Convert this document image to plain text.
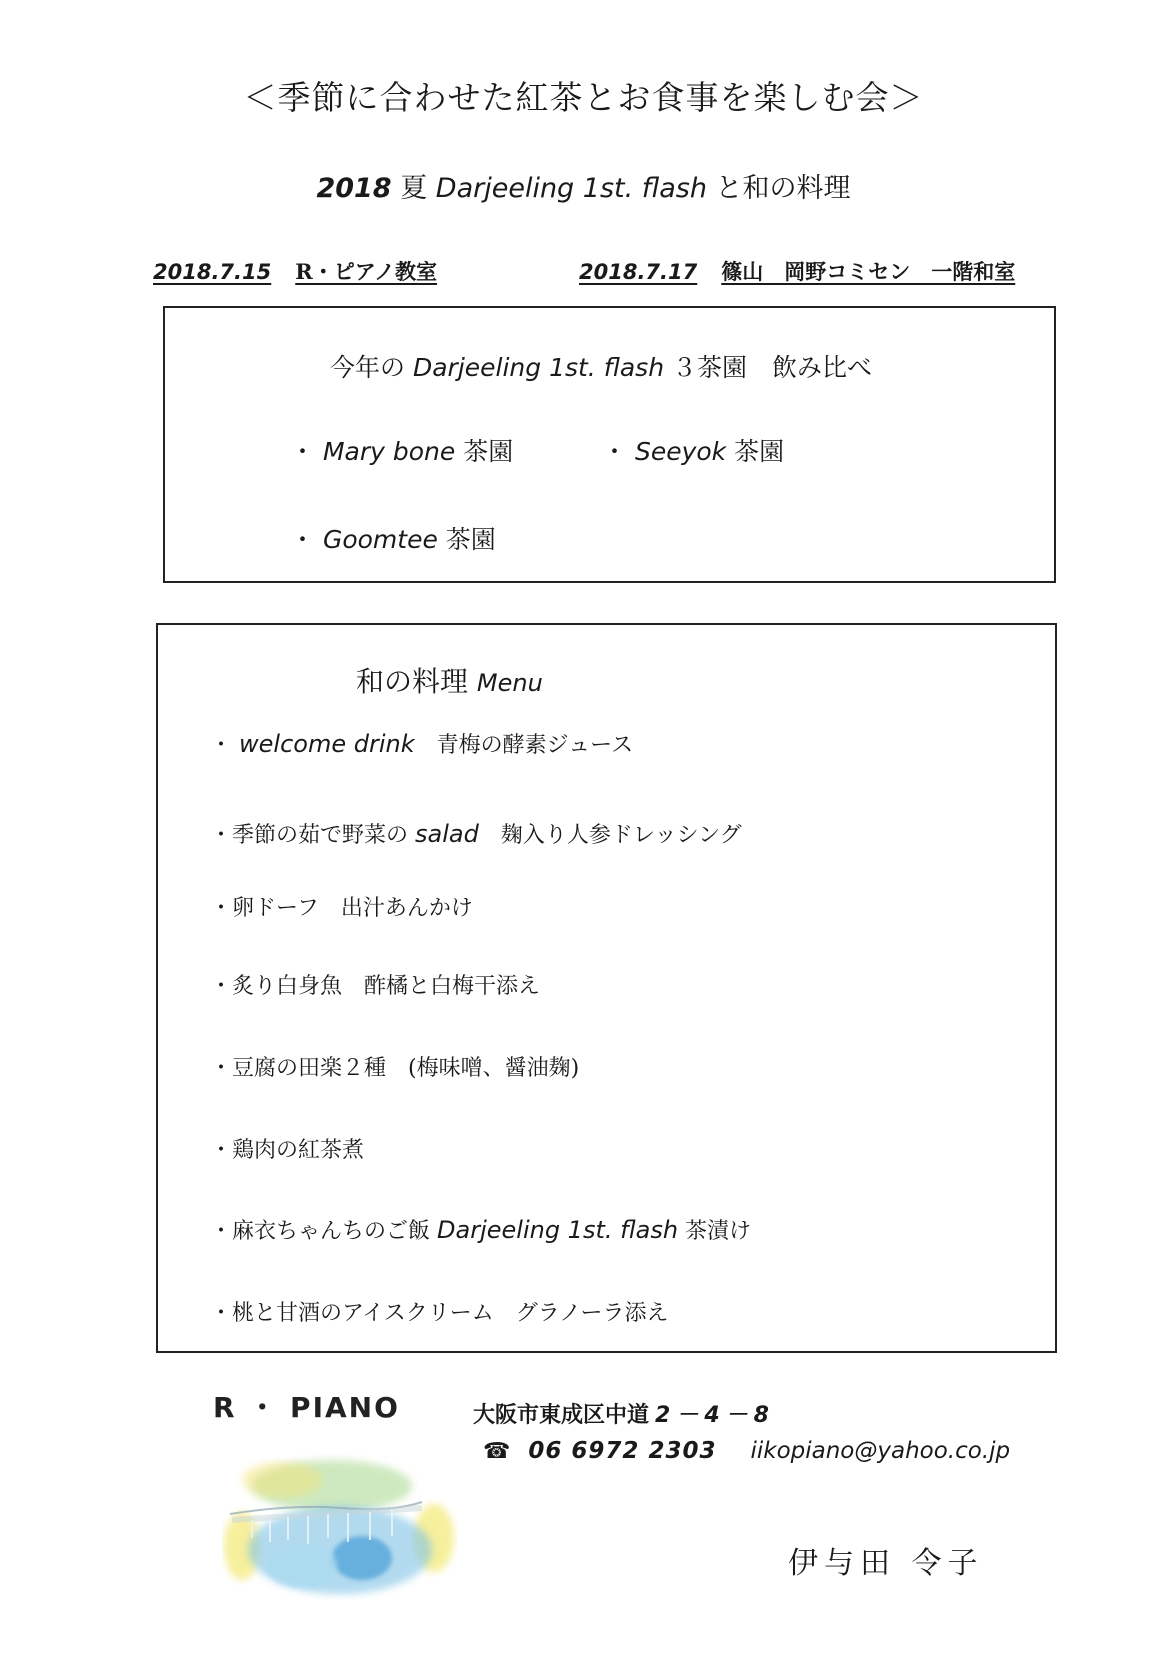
＜季節に合わせた紅茶とお食事を楽しむ会＞
2018 夏 Darjeeling 1st. flash と和の料理
2018.7.15 R・ピアノ教室	2018.7.17 篠山　岡野コミセン　一階和室
今年の Darjeeling 1st. flash ３茶園　飲み比べ
・ Mary bone 茶園	・ Seeyok 茶園
・ Goomtee 茶園
和の料理 Menu
・ welcome drink　青梅の酵素ジュース
・季節の茹で野菜の salad　麹入り人参ドレッシング
・卵ドーフ　出汁あんかけ
・炙り白身魚　酢橘と白梅干添え
・豆腐の田楽２種　(梅味噌、醤油麹)
・鶏肉の紅茶煮
・麻衣ちゃんちのご飯 Darjeeling 1st. flash 茶漬け
・桃と甘酒のアイスクリーム　グラノーラ添え
R ・ PIANO	大阪市東成区中道 2－4－8
☎ 06 6972 2303 iikopiano@yahoo.co.jp
伊与田 令子
